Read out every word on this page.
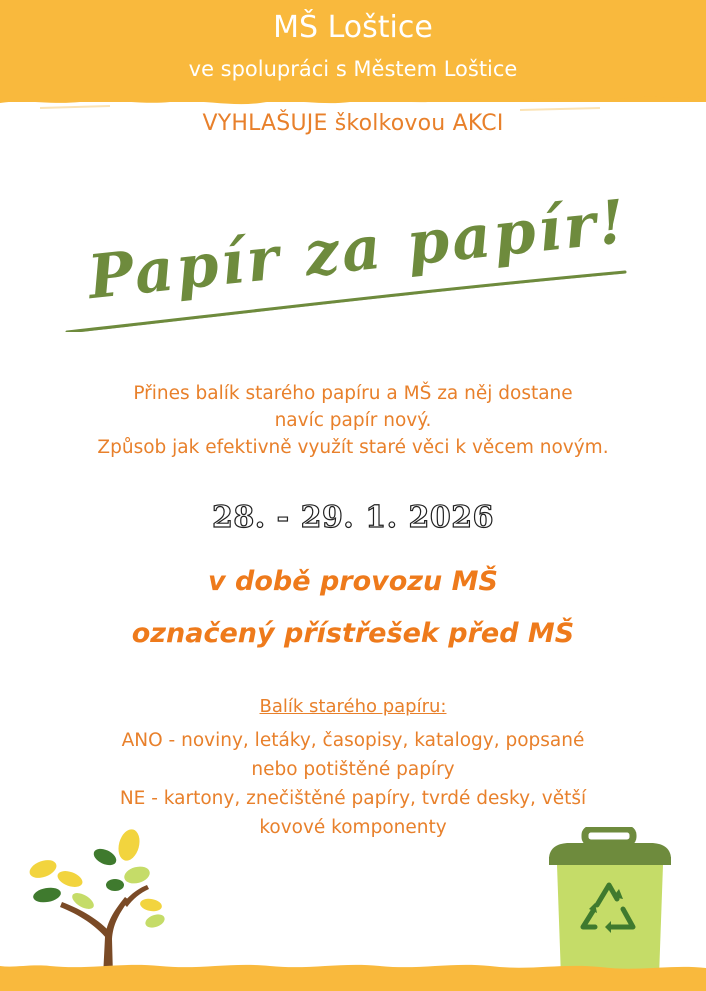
MŠ Loštice

ve spolupráci s Městem Loštice

VYHLAŠUJE školkovou AKCI

Papír za papír!
Přines balík starého papíru a MŠ za něj dostane
navíc papír nový.
Způsob jak efektivně využít staré věci k věcem novým.

28. - 29. 1. 2026

v době provozu MŠ
označený přístřešek před MŠ

Balík starého papíru:

ANO - noviny, letáky, časopisy, katalogy, popsané
nebo potištěné papíry
NE - kartony, znečištěné papíry, tvrdé desky, větší
kovové komponenty
